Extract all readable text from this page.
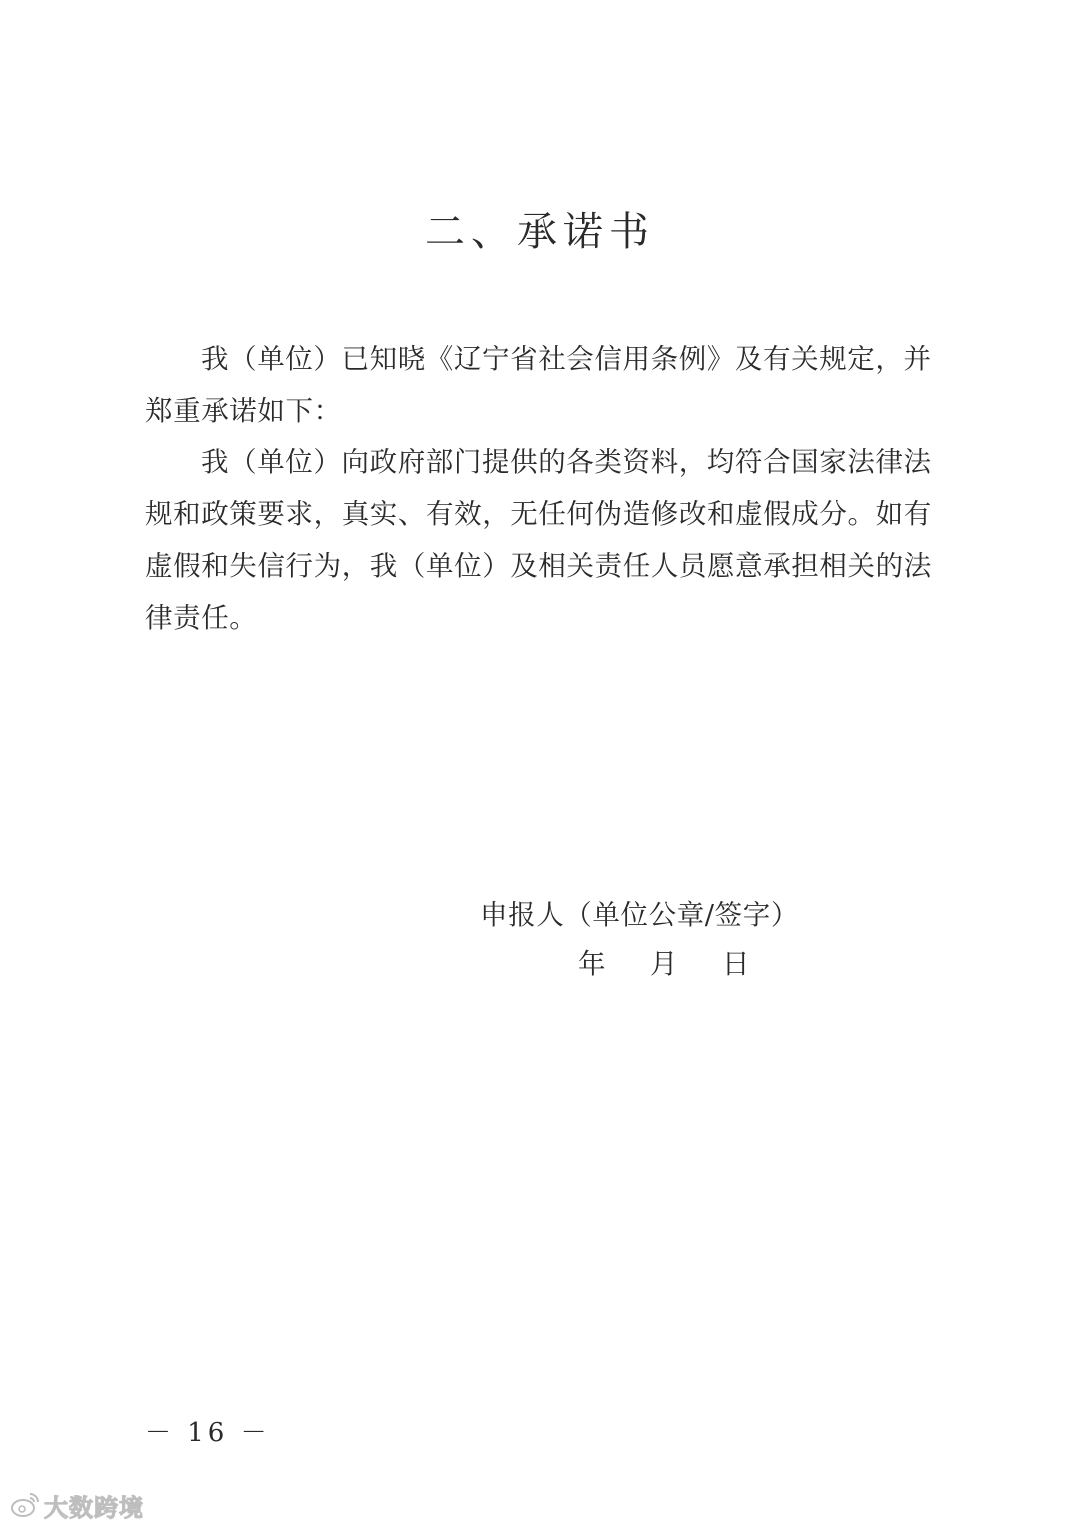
二、承诺书
我（单位）已知晓《辽宁省社会信用条例》及有关规定，并
郑重承诺如下：
我（单位）向政府部门提供的各类资料，均符合国家法律法
规和政策要求，真实、有效，无任何伪造修改和虚假成分。如有
虚假和失信行为，我（单位）及相关责任人员愿意承担相关的法
律责任。
申报人（单位公章/签字）
年 月 日
－ 16 －
大数跨境
